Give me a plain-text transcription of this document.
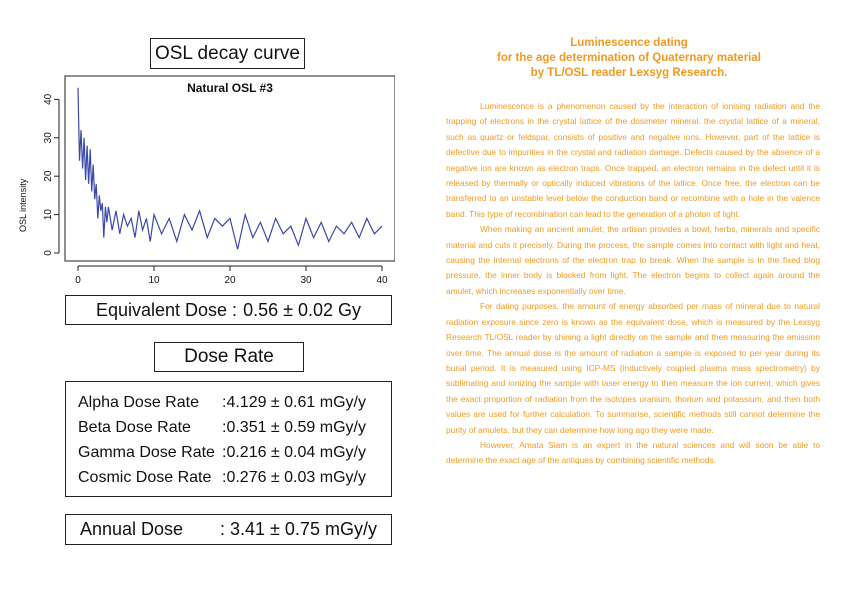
OSL decay curve
Natural OSL #3
OSL intensity
0	10	20	30	40
0
10
20
30
40
Equivalent Dose : 0.56 ± 0.02 Gy
Dose Rate
Alpha Dose Rate	:4.129 ± 0.61 mGy/y
Beta Dose Rate	:0.351 ± 0.59 mGy/y
Gamma Dose Rate :0.216 ± 0.04 mGy/y
Cosmic Dose Rate :0.276 ± 0.03 mGy/y
Annual Dose	: 3.41 ± 0.75 mGy/y
Luminescence dating
for the age determination of Quaternary material
by TL/OSL reader Lexsyg Research.

Luminescence is a phenomenon caused by the interaction of ionising radiation and the trapping of electrons in the crystal lattice of the dosimeter mineral. the crystal lattice of a mineral, such as quartz or feldspar, consists of positive and negative ions. However, part of the lattice is defective due to impurities in the crystal and radiation damage. Defects caused by the absence of a negative ion are known as electron traps. Once trapped, an electron remains in the defect until it is released by thermally or optically induced vibrations of the lattice. Once free, the electron can be transferred to an unstable level below the conduction band or recombine with a hole in the valence band. This type of recombination can lead to the generation of a photon of light.

When making an ancient amulet, the artisan provides a bowl, herbs, minerals and specific material and cuts it precisely. During the process, the sample comes into contact with light and heat, causing the internal electrons of the electron trap to break. When the sample is in the fixed blog pressure, the inner body is blocked from light. The electron begins to collect again around the amulet, which increases exponentially over time.

For dating purposes, the amount of energy absorbed per mass of mineral due to natural radiation exposure since zero is known as the equivalent dose, which is measured by the Lexsyg Research TL/OSL reader by shining a light directly on the sample and then measuring the emission over time. The annual dose is the amount of radiation a sample is exposed to per year during its burial period. It is measured using ICP-MS (inductively coupled plasma mass spectrometry) by sublimating and ionizing the sample with laser energy to then measure the ion current, which gives the exact proportion of radiation from the isotopes uranium, thorium and potassium, and then both values are used for further calculation. To summarise, scientific methods still cannot determine the purity of amulets, but they can determine how long ago they were made.

However, Amata Siam is an expert in the natural sciences and will soon be able to determine the exact age of the antiques by combining scientific methods.
